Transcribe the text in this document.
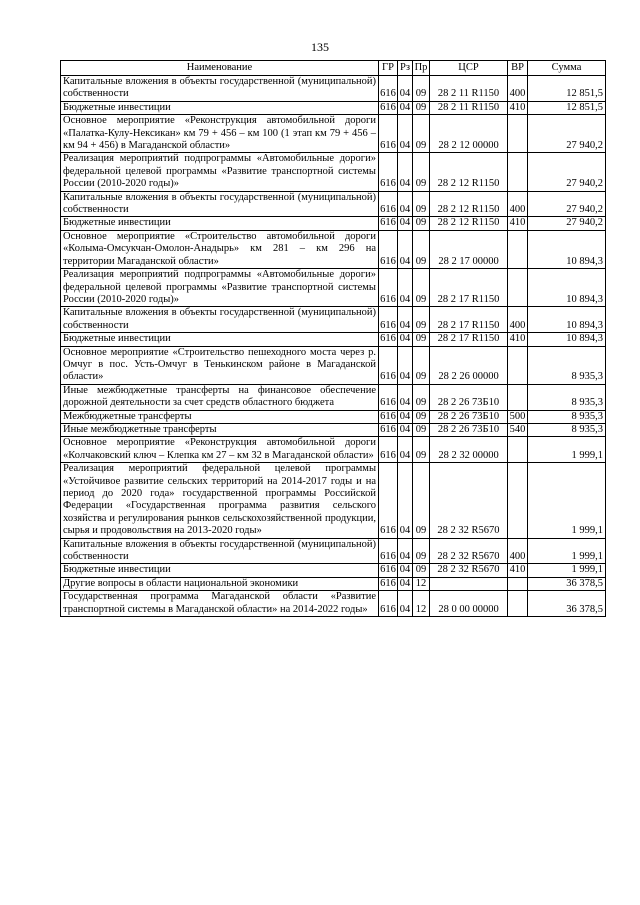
135
Наименование	ГР	Рз	Пр	ЦСР	ВР	Сумма
Капитальные вложения в объекты государственной (муниципальной) собственности	616	04	09	28 2 11 R1150	400	12 851,5
Бюджетные инвестиции	616	04	09	28 2 11 R1150	410	12 851,5
Основное мероприятие «Реконструкция автомобильной дороги «Палатка-Кулу-Нексикан» км 79 + 456 – км 100 (1 этап км 79 + 456 – км 94 + 456) в Магаданской области»	616	04	09	28 2 12 00000		27 940,2
Реализация мероприятий подпрограммы «Автомобильные дороги» федеральной целевой программы «Развитие транспортной системы России (2010-2020 годы)»	616	04	09	28 2 12 R1150		27 940,2
Капитальные вложения в объекты государственной (муниципальной) собственности	616	04	09	28 2 12 R1150	400	27 940,2
Бюджетные инвестиции	616	04	09	28 2 12 R1150	410	27 940,2
Основное мероприятие «Строительство автомобильной дороги «Колыма-Омсукчан-Омолон-Анадырь» км 281 – км 296 на территории Магаданской области»	616	04	09	28 2 17 00000		10 894,3
Реализация мероприятий подпрограммы «Автомобильные дороги» федеральной целевой программы «Развитие транспортной системы России (2010-2020 годы)»	616	04	09	28 2 17 R1150		10 894,3
Капитальные вложения в объекты государственной (муниципальной) собственности	616	04	09	28 2 17 R1150	400	10 894,3
Бюджетные инвестиции	616	04	09	28 2 17 R1150	410	10 894,3
Основное мероприятие «Строительство пешеходного моста через р. Омчуг в пос. Усть-Омчуг в Тенькинском районе в Магаданской области»	616	04	09	28 2 26 00000		8 935,3
Иные межбюджетные трансферты на финансовое обеспечение дорожной деятельности за счет средств областного бюджета	616	04	09	28 2 26 73Б10		8 935,3
Межбюджетные трансферты	616	04	09	28 2 26 73Б10	500	8 935,3
Иные межбюджетные трансферты	616	04	09	28 2 26 73Б10	540	8 935,3
Основное мероприятие «Реконструкция автомобильной дороги «Колчаковский ключ – Клепка км 27 – км 32 в Магаданской области»	616	04	09	28 2 32 00000		1 999,1
Реализация мероприятий федеральной целевой программы «Устойчивое развитие сельских территорий на 2014-2017 годы и на период до 2020 года» государственной программы Российской Федерации «Государственная программа развития сельского хозяйства и регулирования рынков сельскохозяйственной продукции, сырья и продовольствия на 2013-2020 годы»	616	04	09	28 2 32 R5670		1 999,1
Капитальные вложения в объекты государственной (муниципальной) собственности	616	04	09	28 2 32 R5670	400	1 999,1
Бюджетные инвестиции	616	04	09	28 2 32 R5670	410	1 999,1
Другие вопросы в области национальной экономики	616	04	12			36 378,5
Государственная программа Магаданской области «Развитие транспортной системы в Магаданской области» на 2014-2022 годы»	616	04	12	28 0 00 00000		36 378,5
